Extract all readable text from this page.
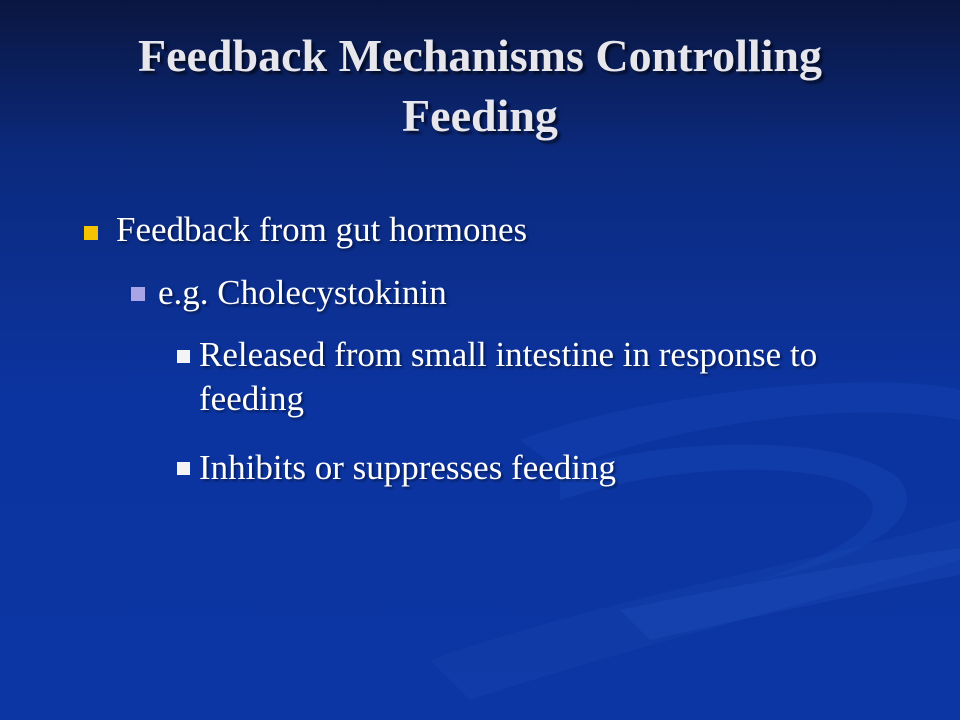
Feedback Mechanisms Controlling
Feeding
Feedback from gut hormones
e.g. Cholecystokinin
Released from small intestine in response to feeding
Inhibits or suppresses feeding
